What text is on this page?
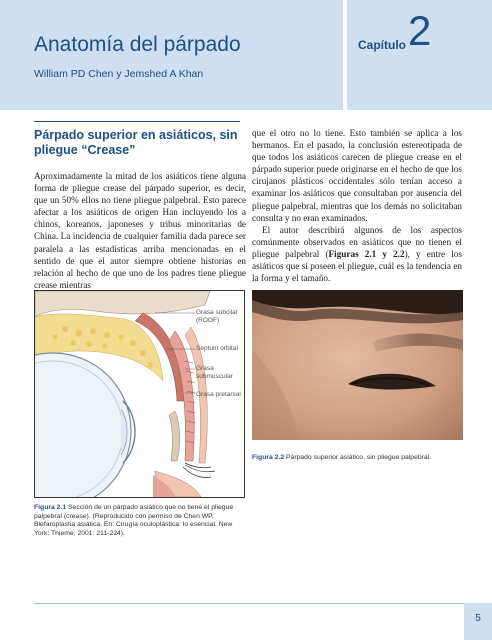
Anatomía del párpado
William PD Chen y Jemshed A Khan
Capítulo 2
Párpado superior en asiáticos, sin pliegue “Crease”

Aproximadamente la mitad de los asiáticos tiene alguna forma de pliegue crease del párpado superior, es decir, que un 50% ellos no tiene pliegue palpebral. Esto parece afectar a los asiáticos de origen Han incluyendo los a chinos, koreanos, japoneses y tribus minoritarias de China. La incidencia de cualquier familia dada parece ser paralela a las estadísticas arriba mencionadas en el sentido de que el autor siempre obtiene historias en relación al hecho de que uno de los padres tiene pliegue crease mientras

que el otro no lo tiene. Esto también se aplica a los hermanos. En el pasado, la conclusión estereotipada de que todos los asiáticos carecen de pliegue crease en el párpado superior puede originarse en el hecho de que los cirujanos plásticos occidentales sólo tenían acceso a examinar los asiáticos que consultaban por ausencia del pliegue palpebral, mientras que los demás no solicitaban consulta y no eran examinados.

El autor describirá algunos de los aspectos comúnmente observados en asiáticos que no tienen el pliegue palpebral (Figuras 2.1 y 2.2), y entre los asiáticos que sí poseen el pliegue, cuál es la tendencia en la forma y el tamaño.

Grasa subcilar (ROOF)
Septum orbital
Grasa submuscular
Grasa pretarsal
Figura 2.1 Sección de un párpado asiático que no tiene el pliegue palpebral (crease). (Reproducido con permiso de Chen WP, Blefaroplastia asiática. En: Cirugía oculoplástica: lo esencial. New York: Thieme; 2001: 211-224).
Figura 2.2 Párpado superior asiático, sin pliegue palpebral.
5
